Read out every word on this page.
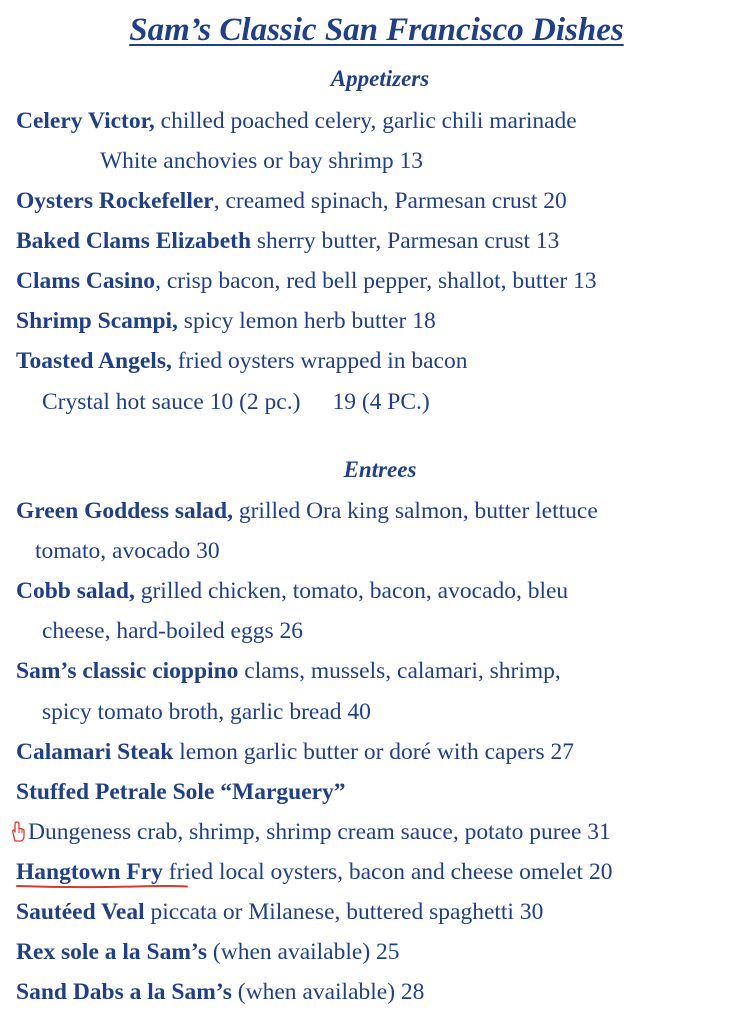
Sam’s Classic San Francisco Dishes
Appetizers
Celery Victor, chilled poached celery, garlic chili marinade
White anchovies or bay shrimp 13
Oysters Rockefeller, creamed spinach, Parmesan crust 20
Baked Clams Elizabeth sherry butter, Parmesan crust 13
Clams Casino, crisp bacon, red bell pepper, shallot, butter 13
Shrimp Scampi, spicy lemon herb butter 18
Toasted Angels, fried oysters wrapped in bacon
Crystal hot sauce 10 (2 pc.) 19 (4 PC.)
Entrees
Green Goddess salad, grilled Ora king salmon, butter lettuce
tomato, avocado 30
Cobb salad, grilled chicken, tomato, bacon, avocado, bleu
cheese, hard-boiled eggs 26
Sam’s classic cioppino clams, mussels, calamari, shrimp,
spicy tomato broth, garlic bread 40
Calamari Steak lemon garlic butter or doré with capers 27
Stuffed Petrale Sole “Marguery”
Dungeness crab, shrimp, shrimp cream sauce, potato puree 31
Hangtown Fry
fried local oysters, bacon and cheese omelet 20
Sautéed Veal piccata or Milanese, buttered spaghetti 30
Rex sole a la Sam’s (when available) 25
Sand Dabs a la Sam’s (when available) 28
